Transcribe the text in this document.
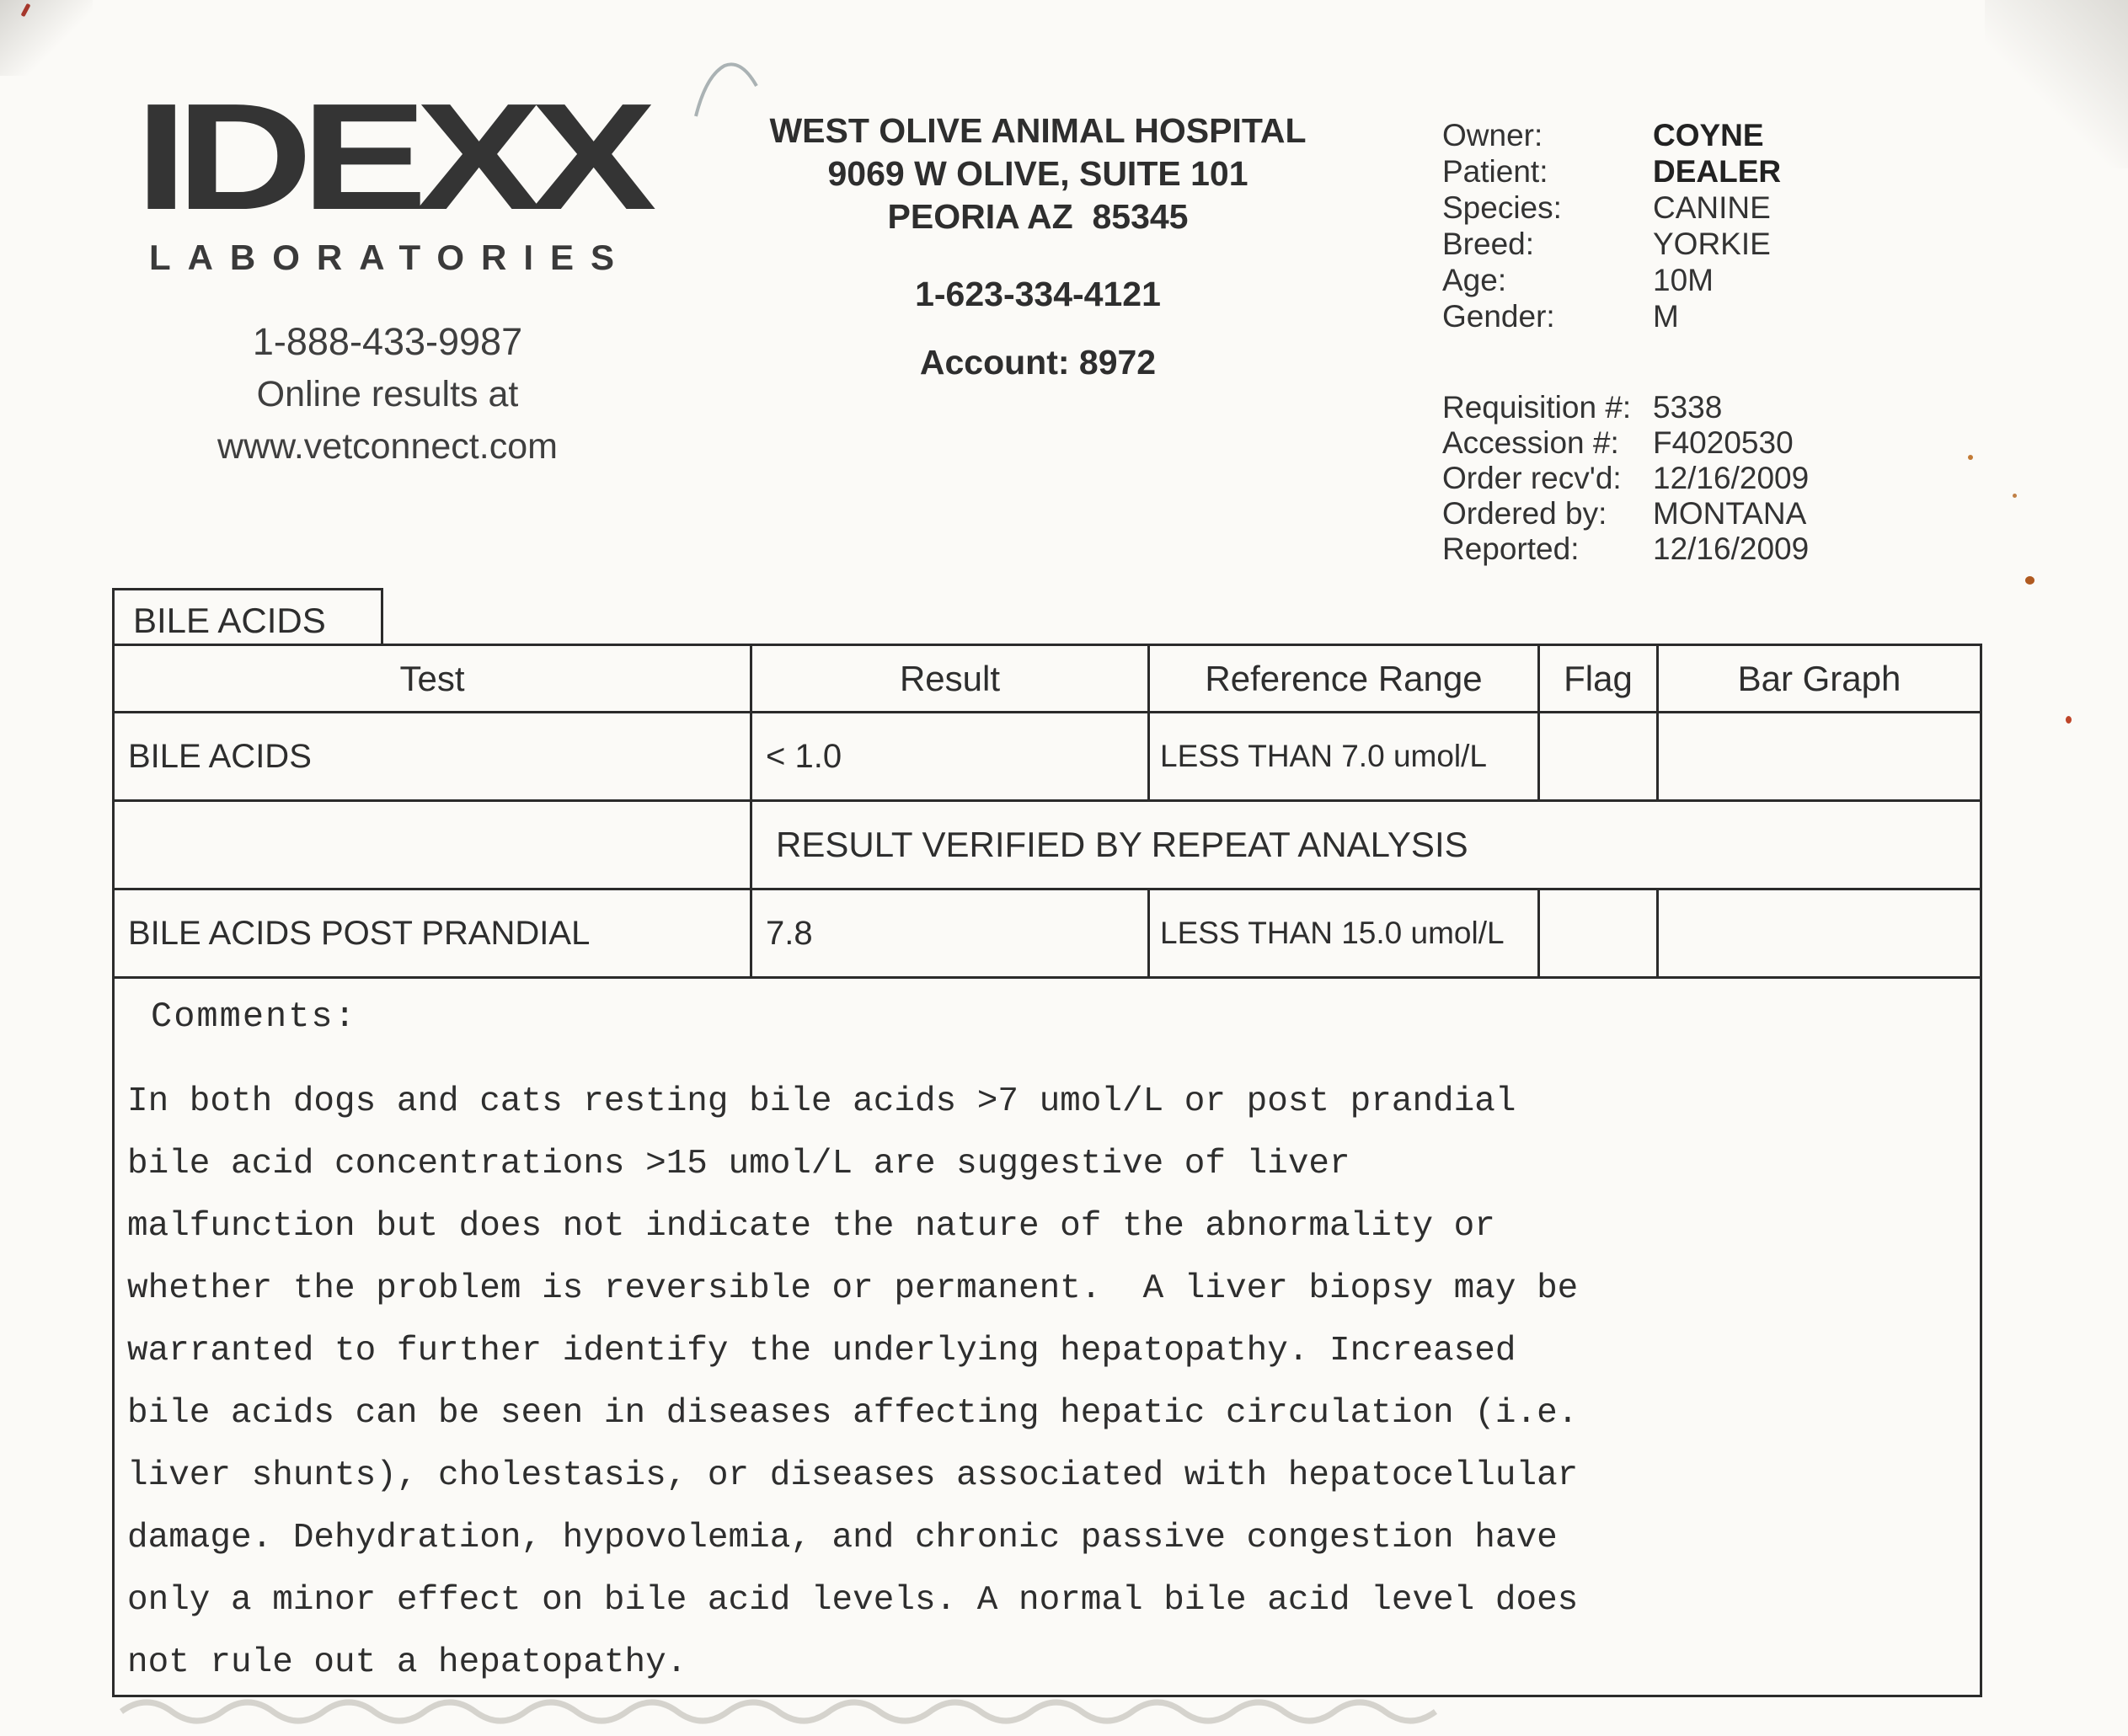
IDEXX
LABORATORIES
1-888-433-9987
Online results at
www.vetconnect.com
WEST OLIVE ANIMAL HOSPITAL
9069 W OLIVE, SUITE 101
PEORIA AZ  85345
1-623-334-4121
Account: 8972
Owner:	COYNE
Patient:	DEALER
Species:	CANINE
Breed:	YORKIE
Age:	10M
Gender:	M
Requisition #: 5338
Accession #: F4020530
Order recv'd: 12/16/2009
Ordered by: MONTANA
Reported: 12/16/2009
BILE ACIDS
Test	Result	Reference Range	Flag	Bar Graph
BILE ACIDS	< 1.0	LESS THAN 7.0 umol/L		
	RESULT VERIFIED BY REPEAT ANALYSIS			
BILE ACIDS POST PRANDIAL	7.8	LESS THAN 15.0 umol/L		

Comments:
In both dogs and cats resting bile acids >7 umol/L or post prandial
bile acid concentrations >15 umol/L are suggestive of liver
malfunction but does not indicate the nature of the abnormality or
whether the problem is reversible or permanent.  A liver biopsy may be
warranted to further identify the underlying hepatopathy. Increased
bile acids can be seen in diseases affecting hepatic circulation (i.e.
liver shunts), cholestasis, or diseases associated with hepatocellular
damage. Dehydration, hypovolemia, and chronic passive congestion have
only a minor effect on bile acid levels. A normal bile acid level does
not rule out a hepatopathy.
